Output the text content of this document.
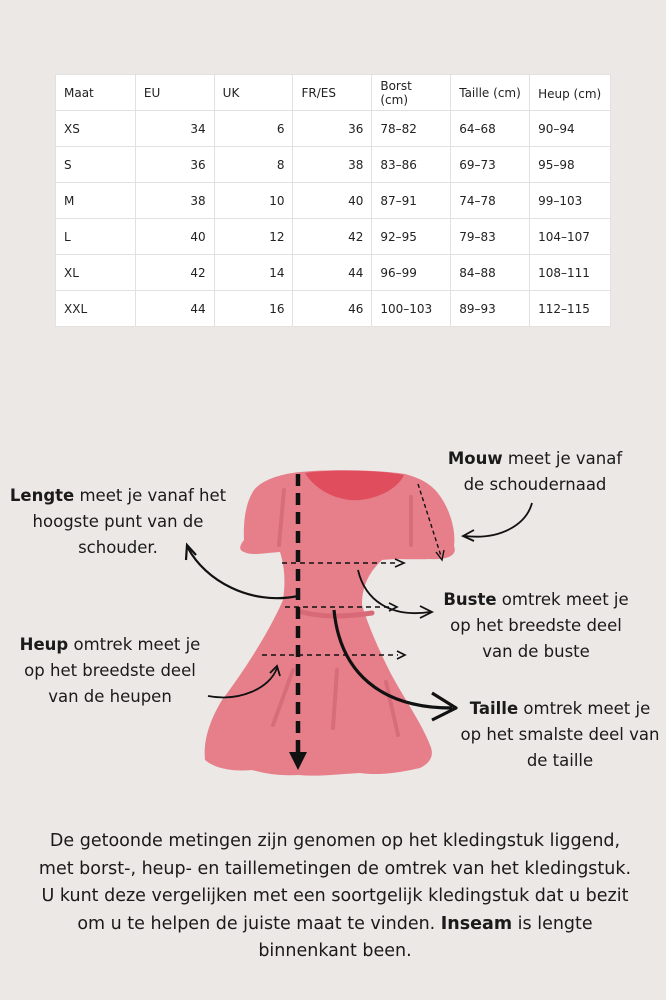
Maat	EU	UK	FR/ES	Borst (cm)	Taille (cm)	Heup (cm)

XS	34	6	36	78–82	64–68	90–94
S	36	8	38	83–86	69–73	95–98
M	38	10	40	87–91	74–78	99–103
L	40	12	42	92–95	79–83	104–107
XL	42	14	44	96–99	84–88	108–111
XXL	44	16	46	100–103	89–93	112–115
Lengte meet je vanaf het hoogste punt van de schouder.
Mouw meet je vanaf de schoudernaad
Buste omtrek meet je op het breedste deel van de buste
Heup omtrek meet je op het breedste deel van de heupen
Taille omtrek meet je op het smalste deel van de taille

De getoonde metingen zijn genomen op het kledingstuk liggend, met borst-, heup- en taillemetingen de omtrek van het kledingstuk. U kunt deze vergelijken met een soortgelijk kledingstuk dat u bezit om u te helpen de juiste maat te vinden. Inseam is lengte binnenkant been.
